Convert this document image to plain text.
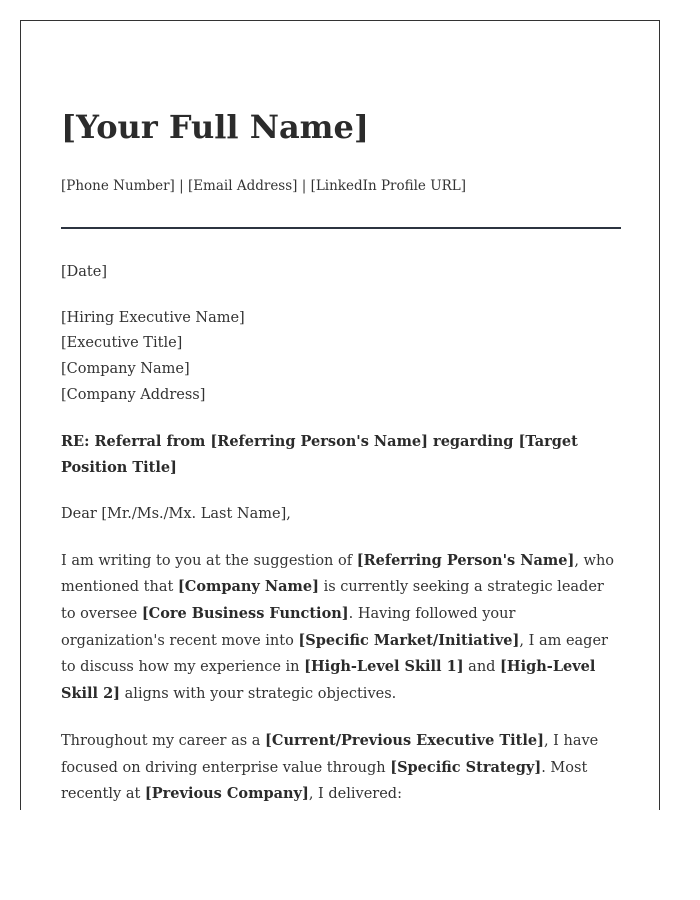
[Your Full Name]
[Phone Number] | [Email Address] | [LinkedIn Profile URL]

[Date]

[Hiring Executive Name]
[Executive Title]
[Company Name]
[Company Address]

RE: Referral from [Referring Person's Name] regarding [Target Position Title]

Dear [Mr./Ms./Mx. Last Name],

I am writing to you at the suggestion of [Referring Person's Name], who mentioned that [Company Name] is currently seeking a strategic leader to oversee [Core Business Function]. Having followed your organization's recent move into [Specific Market/Initiative], I am eager to discuss how my experience in [High-Level Skill 1] and [High-Level Skill 2] aligns with your strategic objectives.

Throughout my career as a [Current/Previous Executive Title], I have focused on driving enterprise value through [Specific Strategy]. Most recently at [Previous Company], I delivered:
